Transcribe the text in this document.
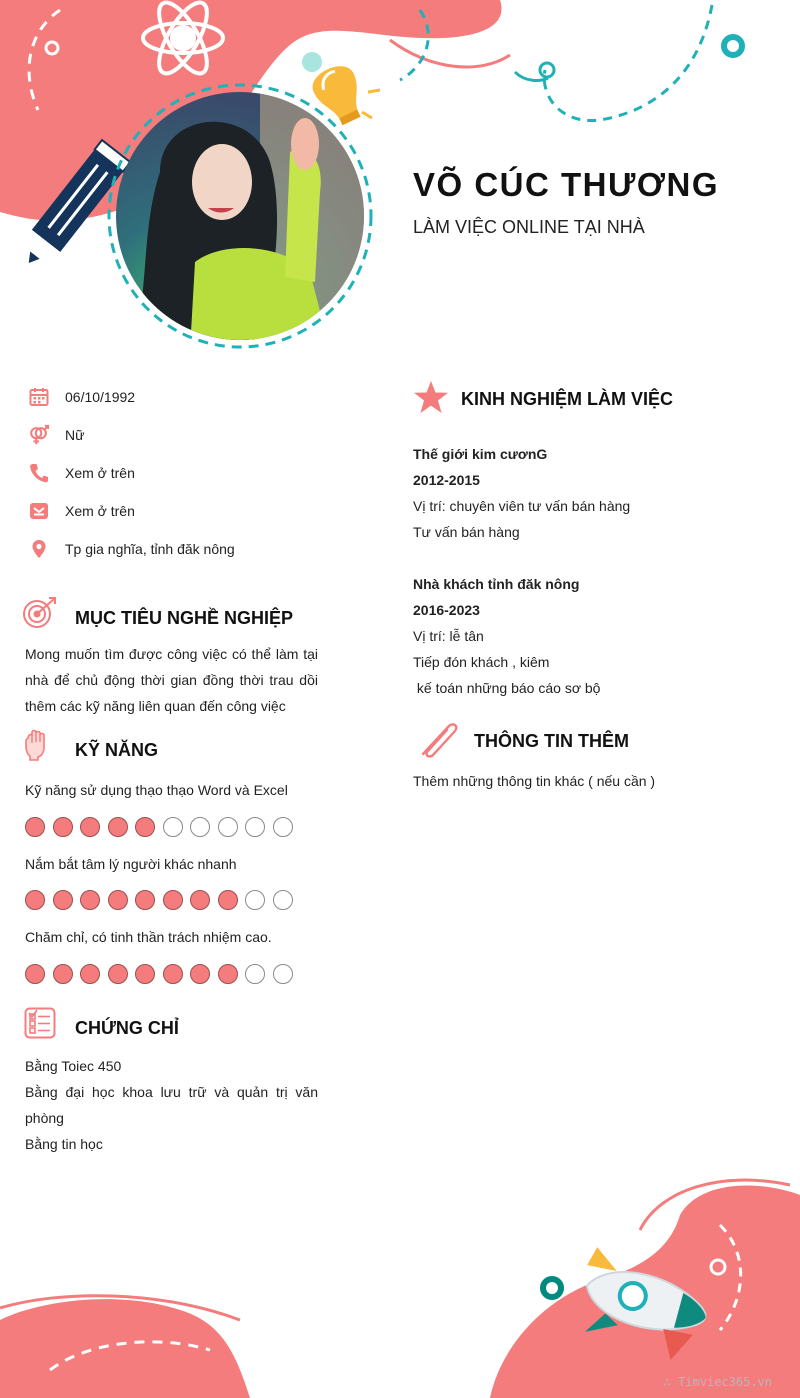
VÕ CÚC THƯƠNG
LÀM VIỆC ONLINE TẠI NHÀ
06/10/1992
Nữ
Xem ở trên
Xem ở trên
Tp gia nghĩa, tỉnh đăk nông
MỤC TIÊU NGHỀ NGHIỆP
Mong muốn tìm được công việc có thể làm tại nhà để chủ động thời gian đồng thời trau dồi thêm các kỹ năng liên quan đến công việc
KỸ NĂNG
Kỹ năng sử dụng thạo thạo Word và Excel
Nắm bắt tâm lý người khác nhanh
Chăm chỉ, có tinh thần trách nhiệm cao.
CHỨNG CHỈ
Bằng Toiec 450
Bằng đại học khoa lưu trữ và quản trị văn phòng
Bằng tin học
KINH NGHIỆM LÀM VIỆC
Thế giới kim cươnG
2012-2015
Vị trí: chuyên viên tư vấn bán hàng
Tư vấn bán hàng
Nhà khách tỉnh đăk nông
2016-2023
Vị trí: lễ tân
Tiếp đón khách , kiêm
kế toán những báo cáo sơ bộ
THÔNG TIN THÊM
Thêm những thông tin khác ( nếu cần )
∴ Timviec365.vn
